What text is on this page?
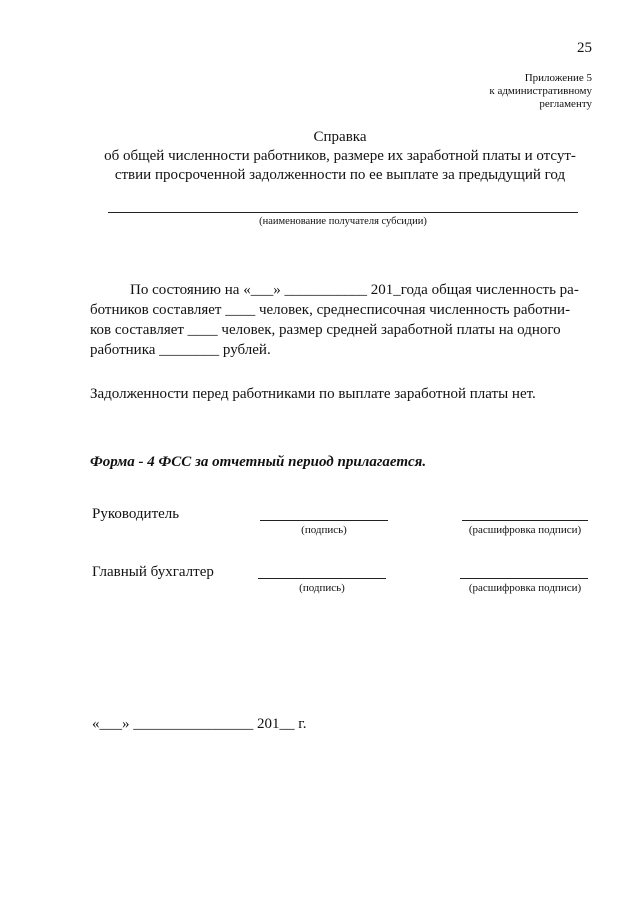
25
Приложение 5
к административному
регламенту
Справка
об общей численности работников, размере их заработной платы и отсут-
ствии просроченной задолженности по ее выплате за предыдущий год
(наименование получателя субсидии)
По состоянию на «___» ___________ 201_года общая численность ра-
ботников составляет ____ человек, среднесписочная численность работни-
ков составляет ____ человек, размер средней заработной платы на одного
работника ________ рублей.
Задолженности перед работниками по выплате заработной платы нет.
Форма - 4 ФСС за отчетный период прилагается.
Руководитель
(подпись)	(расшифровка подписи)
Главный бухгалтер
(подпись)	(расшифровка подписи)
«___» ________________ 201__ г.
